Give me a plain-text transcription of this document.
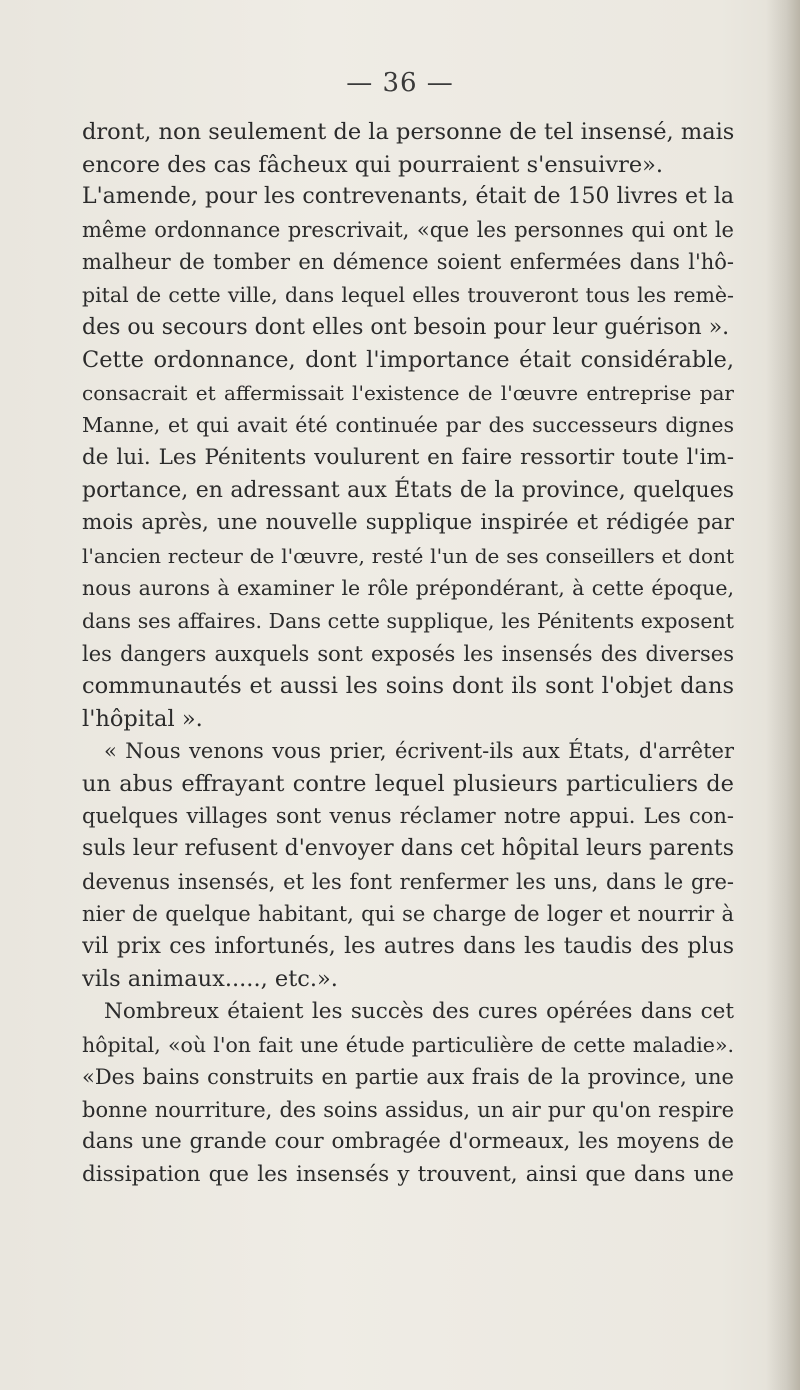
— 36 —
dront, non seulement de la personne de tel insensé, mais
encore des cas fâcheux qui pourraient s'ensuivre».
L'amende, pour les contrevenants, était de 150 livres et la
même ordonnance prescrivait, «que les personnes qui ont le
malheur de tomber en démence soient enfermées dans l'hô-
pital de cette ville, dans lequel elles trouveront tous les remè-
des ou secours dont elles ont besoin pour leur guérison ».
Cette ordonnance, dont l'importance était considérable,
consacrait et affermissait l'existence de l'œuvre entreprise par
Manne, et qui avait été continuée par des successeurs dignes
de lui. Les Pénitents voulurent en faire ressortir toute l'im-
portance, en adressant aux États de la province, quelques
mois après, une nouvelle supplique inspirée et rédigée par
l'ancien recteur de l'œuvre, resté l'un de ses conseillers et dont
nous aurons à examiner le rôle prépondérant, à cette époque,
dans ses affaires. Dans cette supplique, les Pénitents exposent
les dangers auxquels sont exposés les insensés des diverses
communautés et aussi les soins dont ils sont l'objet dans
l'hôpital ».
« Nous venons vous prier, écrivent-ils aux États, d'arrêter
un abus effrayant contre lequel plusieurs particuliers de
quelques villages sont venus réclamer notre appui. Les con-
suls leur refusent d'envoyer dans cet hôpital leurs parents
devenus insensés, et les font renfermer les uns, dans le gre-
nier de quelque habitant, qui se charge de loger et nourrir à
vil prix ces infortunés, les autres dans les taudis des plus
vils animaux....., etc.».
Nombreux étaient les succès des cures opérées dans cet
hôpital, «où l'on fait une étude particulière de cette maladie».
«Des bains construits en partie aux frais de la province, une
bonne nourriture, des soins assidus, un air pur qu'on respire
dans une grande cour ombragée d'ormeaux, les moyens de
dissipation que les insensés y trouvent, ainsi que dans une
